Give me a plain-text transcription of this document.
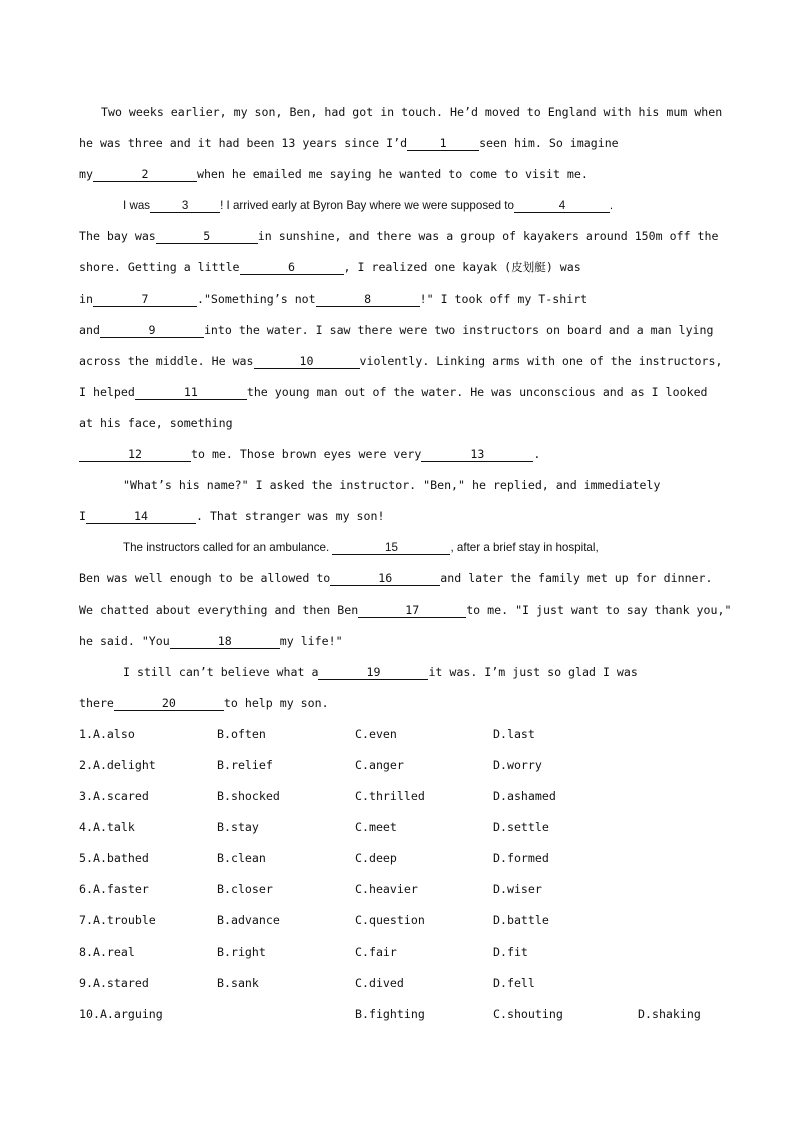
Two weeks earlier, my son, Ben, had got in touch. He’d moved to England with his mum when
he was three and it had been 13 years since I’d	1	seen him. So imagine
my	2	when he emailed me saying he wanted to come to visit me.
I was	3	! I arrived early at Byron Bay where we were supposed to	4	.
The bay was	5	in sunshine, and there was a group of kayakers around 150m off the
shore. Getting a little	6	, I realized one kayak (皮划艇) was
in	7	."Something’s not	8	!" I took off my T-shirt
and	9	into the water. I saw there were two instructors on board and a man lying
across the middle. He was	10	violently. Linking arms with one of the instructors,
I helped	11	the young man out of the water. He was unconscious and as I looked
at his face, something
12	to me. Those brown eyes were very	13	.
"What’s his name?" I asked the instructor. "Ben," he replied, and immediately
I	14	. That stranger was my son!
The instructors called for an ambulance.	15	, after a brief stay in hospital,
Ben was well enough to be allowed to	16	and later the family met up for dinner.
We chatted about everything and then Ben	17	to me. "I just want to say thank you,"
he said. "You	18	my life!"
I still can’t believe what a	19	it was. I’m just so glad I was
there	20	to help my son.
1.A.also	B.often	C.even	D.last
2.A.delight	B.relief	C.anger	D.worry
3.A.scared	B.shocked	C.thrilled	D.ashamed
4.A.talk	B.stay	C.meet	D.settle
5.A.bathed	B.clean	C.deep	D.formed
6.A.faster	B.closer	C.heavier	D.wiser
7.A.trouble	B.advance	C.question	D.battle
8.A.real	B.right	C.fair	D.fit
9.A.stared	B.sank	C.dived	D.fell
10.A.arguing	B.fighting	C.shouting	D.shaking
